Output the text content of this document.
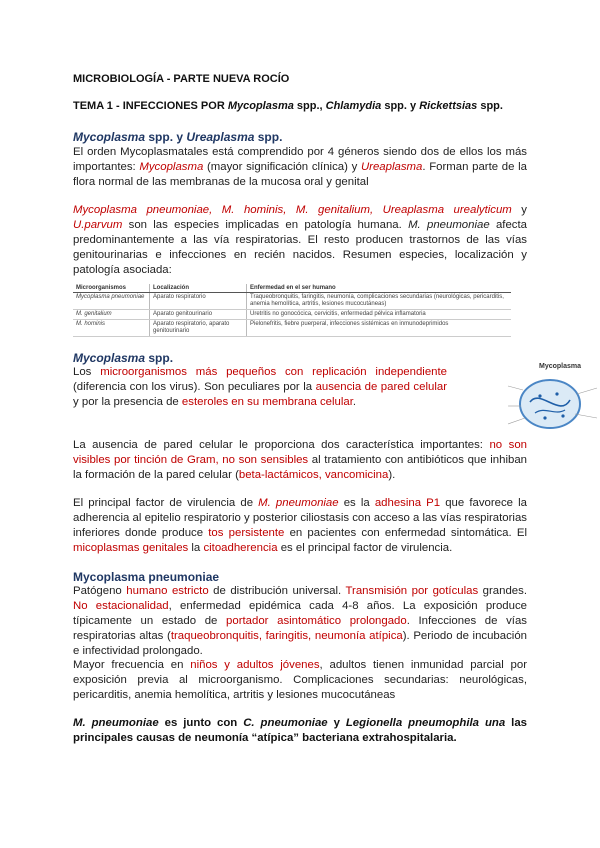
MICROBIOLOGÍA - PARTE NUEVA ROCÍO
TEMA 1 - INFECCIONES POR Mycoplasma spp., Chlamydia spp. y Rickettsias spp.
Mycoplasma spp. y Ureaplasma spp.
El orden Mycoplasmatales está comprendido por 4 géneros siendo dos de ellos los más importantes: Mycoplasma (mayor significación clínica) y Ureaplasma. Forman parte de la flora normal de las membranas de la mucosa oral y genital
Mycoplasma pneumoniae, M. hominis, M. genitalium, Ureaplasma urealyticum y U.parvum son las especies implicadas en patología humana. M. pneumoniae afecta predominantemente a las vía respiratorias. El resto producen trastornos de las vías genitourinarias e infecciones en recién nacidos. Resumen especies, localización y patología asociada:
Microorganismos	Localización	Enfermedad en el ser humano
Mycoplasma pneumoniae	Aparato respiratorio	Traqueobronquitis, faringitis, neumonía, complicaciones secundarias (neurológicas, pericarditis, anemia hemolítica, artritis, lesiones mucocutáneas)
M. genitalium	Aparato genitourinario	Uretritis no gonocócica, cervicitis, enfermedad pélvica inflamatoria
M. hominis	Aparato respiratorio, aparato genitourinario	Pielonefritis, fiebre puerperal, infecciones sistémicas en inmunodeprimidos
Mycoplasma spp.
Los microorganismos más pequeños con replicación independiente (diferencia con los virus). Son peculiares por la ausencia de pared celular y por la presencia de esteroles en su membrana celular.
Mycoplasma
La ausencia de pared celular le proporciona dos característica importantes: no son visibles por tinción de Gram, no son sensibles al tratamiento con antibióticos que inhiban la formación de la pared celular (beta-lactámicos, vancomicina).
El principal factor de virulencia de M. pneumoniae es la adhesina P1 que favorece la adherencia al epitelio respiratorio y posterior ciliostasis con acceso a las vías respiratorias inferiores donde produce tos persistente en pacientes con enfermedad sintomática. El micoplasmas genitales la citoadherencia es el principal factor de virulencia.
Mycoplasma pneumoniae
Patógeno humano estricto de distribución universal. Transmisión por gotículas grandes. No estacionalidad, enfermedad epidémica cada 4-8 años. La exposición produce típicamente un estado de portador asintomático prolongado. Infecciones de vías respiratorias altas (traqueobronquitis, faringitis, neumonía atípica). Periodo de incubación e infectividad prolongado.
Mayor frecuencia en niños y adultos jóvenes, adultos tienen inmunidad parcial por exposición previa al microorganismo. Complicaciones secundarias: neurológicas, pericarditis, anemia hemolítica, artritis y lesiones mucocutáneas
M. pneumoniae es junto con C. pneumoniae y Legionella pneumophila una las principales causas de neumonía “atípica” bacteriana extrahospitalaria.
